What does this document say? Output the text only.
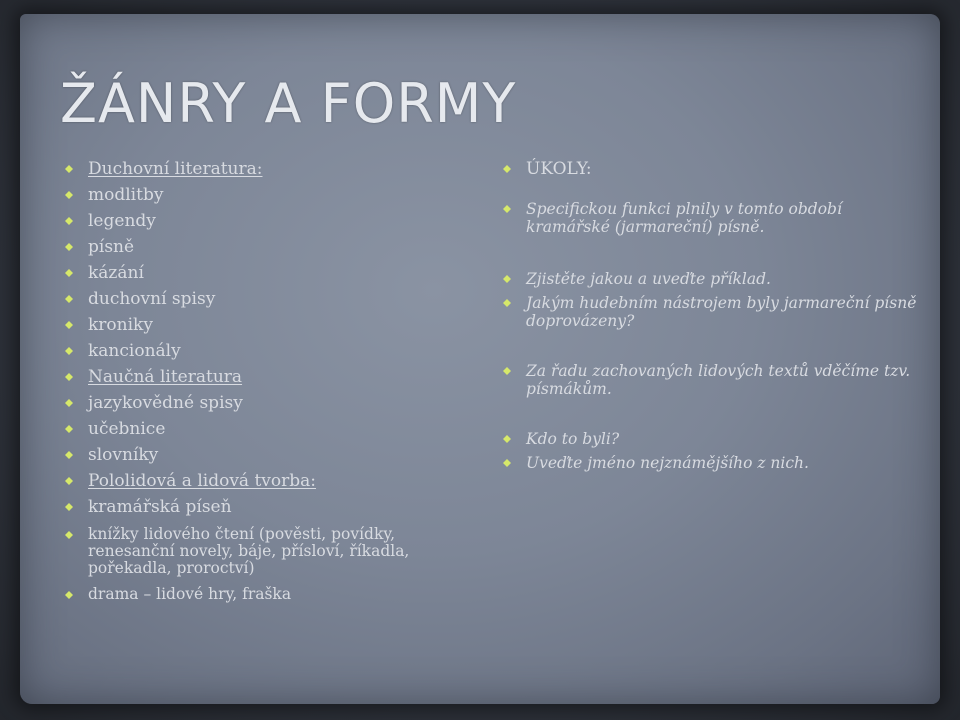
ŽÁNRY A FORMY
Duchovní literatura:
modlitby
legendy
písně
kázání
duchovní spisy
kroniky
kancionály
Naučná literatura
jazykovědné spisy
učebnice
slovníky
Pololidová a lidová tvorba:
kramářská píseň
knížky lidového čtení (pověsti, povídky, renesanční novely, báje, přísloví, říkadla, pořekadla, proroctví)
drama – lidové hry, fraška
ÚKOLY:
Specifickou funkci plnily v tomto období kramářské (jarmareční) písně.
Zjistěte jakou a uveďte příklad.
Jakým hudebním nástrojem byly jarmareční písně doprovázeny?
Za řadu zachovaných lidových textů vděčíme tzv. písmákům.
Kdo to byli?
Uveďte jméno nejznámějšího z nich.
